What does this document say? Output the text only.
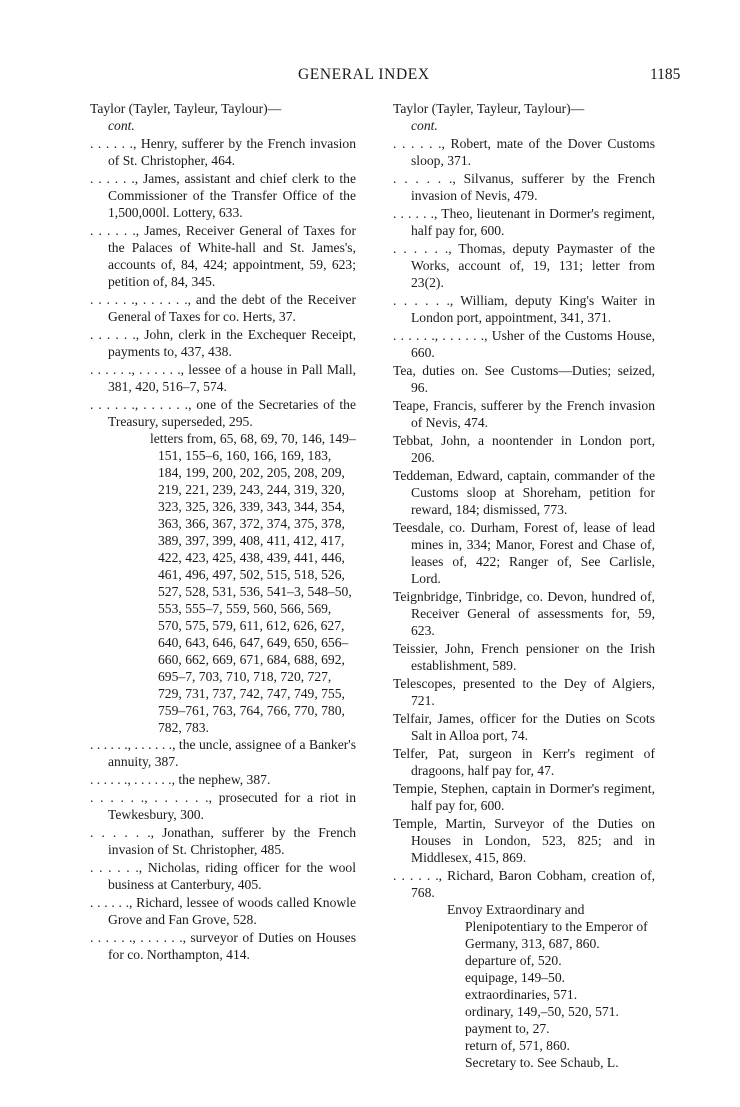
GENERAL INDEX	1185

Taylor (Tayler, Tayleur, Taylour)—
cont.

. . . . . ., Henry, sufferer by the French invasion of St. Christopher, 464.

. . . . . ., James, assistant and chief clerk to the Commissioner of the Transfer Office of the 1,500,000l. Lottery, 633.

. . . . . ., James, Receiver General of Taxes for the Palaces of White-hall and St. James's, accounts of, 84, 424; appointment, 59, 623; petition of, 84, 345.

. . . . . ., . . . . . ., and the debt of the Receiver General of Taxes for co. Herts, 37.

. . . . . ., John, clerk in the Exchequer Receipt, payments to, 437, 438.

. . . . . ., . . . . . ., lessee of a house in Pall Mall, 381, 420, 516–7, 574.

. . . . . ., . . . . . ., one of the Secretaries of the Treasury, superseded, 295.

letters from, 65, 68, 69, 70, 146, 149–151, 155–6, 160, 166, 169, 183, 184, 199, 200, 202, 205, 208, 209, 219, 221, 239, 243, 244, 319, 320, 323, 325, 326, 339, 343, 344, 354, 363, 366, 367, 372, 374, 375, 378, 389, 397, 399, 408, 411, 412, 417, 422, 423, 425, 438, 439, 441, 446, 461, 496, 497, 502, 515, 518, 526, 527, 528, 531, 536, 541–3, 548–50, 553, 555–7, 559, 560, 566, 569, 570, 575, 579, 611, 612, 626, 627, 640, 643, 646, 647, 649, 650, 656–660, 662, 669, 671, 684, 688, 692, 695–7, 703, 710, 718, 720, 727, 729, 731, 737, 742, 747, 749, 755, 759–761, 763, 764, 766, 770, 780, 782, 783.

. . . . . ., . . . . . ., the uncle, assignee of a Banker's annuity, 387.

. . . . . ., . . . . . ., the nephew, 387.

. . . . . ., . . . . . ., prosecuted for a riot in Tewkesbury, 300.

. . . . . ., Jonathan, sufferer by the French invasion of St. Christopher, 485.

. . . . . ., Nicholas, riding officer for the wool business at Canterbury, 405.

. . . . . ., Richard, lessee of woods called Knowle Grove and Fan Grove, 528.

. . . . . ., . . . . . ., surveyor of Duties on Houses for co. Northampton, 414.

Taylor (Tayler, Tayleur, Taylour)—
cont.

. . . . . ., Robert, mate of the Dover Customs sloop, 371.

. . . . . ., Silvanus, sufferer by the French invasion of Nevis, 479.

. . . . . ., Theo, lieutenant in Dormer's regiment, half pay for, 600.

. . . . . ., Thomas, deputy Paymaster of the Works, account of, 19, 131; letter from 23(2).

. . . . . ., William, deputy King's Waiter in London port, appointment, 341, 371.

. . . . . ., . . . . . ., Usher of the Customs House, 660.

Tea, duties on. See Customs—Duties; seized, 96.

Teape, Francis, sufferer by the French invasion of Nevis, 474.

Tebbat, John, a noontender in London port, 206.

Teddeman, Edward, captain, commander of the Customs sloop at Shoreham, petition for reward, 184; dismissed, 773.

Teesdale, co. Durham, Forest of, lease of lead mines in, 334; Manor, Forest and Chase of, leases of, 422; Ranger of, See Carlisle, Lord.

Teignbridge, Tinbridge, co. Devon, hundred of, Receiver General of assessments for, 59, 623.

Teissier, John, French pensioner on the Irish establishment, 589.

Telescopes, presented to the Dey of Algiers, 721.

Telfair, James, officer for the Duties on Scots Salt in Alloa port, 74.

Telfer, Pat, surgeon in Kerr's regiment of dragoons, half pay for, 47.

Tempie, Stephen, captain in Dormer's regiment, half pay for, 600.

Temple, Martin, Surveyor of the Duties on Houses in London, 523, 825; and in Middlesex, 415, 869.

. . . . . ., Richard, Baron Cobham, creation of, 768.

Envoy Extraordinary and Plenipotentiary to the Emperor of Germany, 313, 687, 860.

departure of, 520.

equipage, 149–50.

extraordinaries, 571.

ordinary, 149,–50, 520, 571.

payment to, 27.

return of, 571, 860.

Secretary to. See Schaub, L.
